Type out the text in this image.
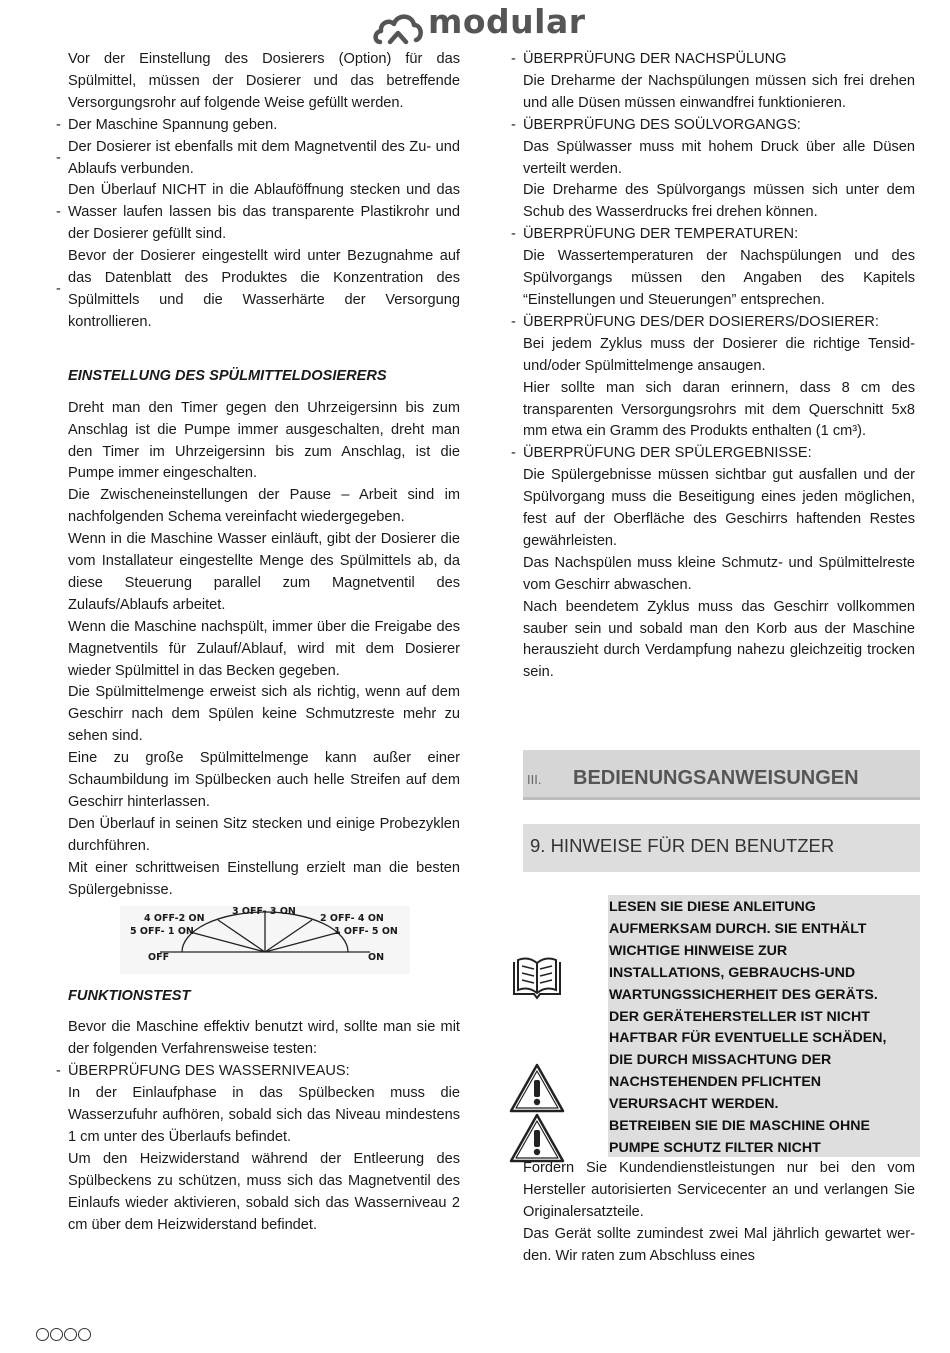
modular

Vor der Einstellung des Dosierers (Option) für das Spülmittel, müssen der Dosierer und das betreffende Versorgungsrohr auf folgende Weise gefüllt werden.

- Der Maschine Spannung geben.
-
Der Dosierer ist ebenfalls mit dem Magnetventil des Zu- und Ablaufs verbunden.
-
Den Überlauf NICHT in die Ablauföffnung stecken und das Wasser laufen lassen bis das transparente Plastikrohr und der Dosierer gefüllt sind.
-
Bevor der Dosierer eingestellt wird unter Bezugnahme auf das Datenblatt des Produktes die Konzentration des Spülmittels und die Wasserhärte der Versorgung kontrollieren.

EINSTELLUNG DES SPÜLMITTELDOSIERERS

Dreht man den Timer gegen den Uhrzeigersinn bis zum Anschlag ist die Pumpe immer ausgeschalten, dreht man den Timer im Uhrzeigersinn bis zum Anschlag, ist die Pumpe immer eingeschalten.

Die Zwischeneinstellungen der Pause – Arbeit sind im nachfolgenden Schema vereinfacht wiedergegeben.

Wenn in die Maschine Wasser einläuft, gibt der Dosierer die vom Installateur eingestellte Menge des Spülmittels ab, da diese Steuerung parallel zum Magnetventil des Zulaufs/Ablaufs arbeitet.

Wenn die Maschine nachspült, immer über die Freigabe des Magnetventils für Zulauf/Ablauf, wird mit dem Dosierer wieder Spülmittel in das Becken gegeben.

Die Spülmittelmenge erweist sich als richtig, wenn auf dem Geschirr nach dem Spülen keine Schmutzreste mehr zu sehen sind.

Eine zu große Spülmittelmenge kann außer einer Schaumbildung im Spülbecken auch helle Streifen auf dem Geschirr hinterlassen.

Den Überlauf in seinen Sitz stecken und einige Probezyklen durchführen.

Mit einer schrittweisen Einstellung erzielt man die besten Spülergebnisse.

3 OFF- 3 ON
4 OFF-2 ON	2 OFF- 4 ON
5 OFF- 1 ON	1 OFF- 5 ON
OFF	ON

FUNKTIONSTEST

Bevor die Maschine effektiv benutzt wird, sollte man sie mit der folgenden Verfahrensweise testen:

- ÜBERPRÜFUNG DES WASSERNIVEAUS:

In der Einlaufphase in das Spülbecken muss die Wasserzufuhr aufhören, sobald sich das Niveau mindestens 1 cm unter des Überlaufs befindet.

Um den Heizwiderstand während der Entleerung des Spülbeckens zu schützen, muss sich das Magnetventil des Einlaufs wieder aktivieren, sobald sich das Wasserniveau 2 cm über dem Heizwiderstand befindet.

- ÜBERPRÜFUNG DER NACHSPÜLUNG

Die Dreharme der Nachspülungen müssen sich frei drehen und alle Düsen müssen einwandfrei funktionieren.

- ÜBERPRÜFUNG DES SOÜLVORGANGS:

Das Spülwasser muss mit hohem Druck über alle Düsen verteilt werden.

Die Dreharme des Spülvorgangs müssen sich unter dem Schub des Wasserdrucks frei drehen können.

- ÜBERPRÜFUNG DER TEMPERATUREN:

Die Wassertemperaturen der Nachspülungen und des Spülvorgangs müssen den Angaben des Kapitels “Einstellungen und Steuerungen” entsprechen.

- ÜBERPRÜFUNG DES/DER DOSIERERS/DOSIERER:

Bei jedem Zyklus muss der Dosierer die richtige Tensid- und/oder Spülmittelmenge ansaugen.

Hier sollte man sich daran erinnern, dass 8 cm des transparenten Versorgungsrohrs mit dem Querschnitt 5x8 mm etwa ein Gramm des Produkts enthalten (1 cm³).

- ÜBERPRÜFUNG DER SPÜLERGEBNISSE:

Die Spülergebnisse müssen sichtbar gut ausfallen und der Spülvorgang muss die Beseitigung eines jeden möglichen, fest auf der Oberfläche des Geschirrs haftenden Restes gewährleisten.

Das Nachspülen muss kleine Schmutz- und Spülmittelreste vom Geschirr abwaschen.

Nach beendetem Zyklus muss das Geschirr vollkommen sauber sein und sobald man den Korb aus der Maschine herauszieht durch Verdampfung nahezu gleichzeitig trocken sein.

III. BEDIENUNGSANWEISUNGEN
9. HINWEISE FÜR DEN BENUTZER
LESEN SIE DIESE ANLEITUNG
AUFMERKSAM DURCH. SIE ENTHÄLT
WICHTIGE HINWEISE ZUR
INSTALLATIONS, GEBRAUCHS-UND
WARTUNGSSICHERHEIT DES GERÄTS.
DER GERÄTEHERSTELLER IST NICHT
HAFTBAR FÜR EVENTUELLE SCHÄDEN,
DIE DURCH MISSACHTUNG DER
NACHSTEHENDEN PFLICHTEN
VERURSACHT WERDEN.
BETREIBEN SIE DIE MASCHINE OHNE
PUMPE SCHUTZ FILTER NICHT

Fordern Sie Kundendienstleistungen nur bei den vom Hersteller autorisierten Servicecenter an und verlangen Sie Originalersatzteile.

Das Gerät sollte zumindest zwei Mal jährlich gewartet wer-den. Wir raten zum Abschluss eines
